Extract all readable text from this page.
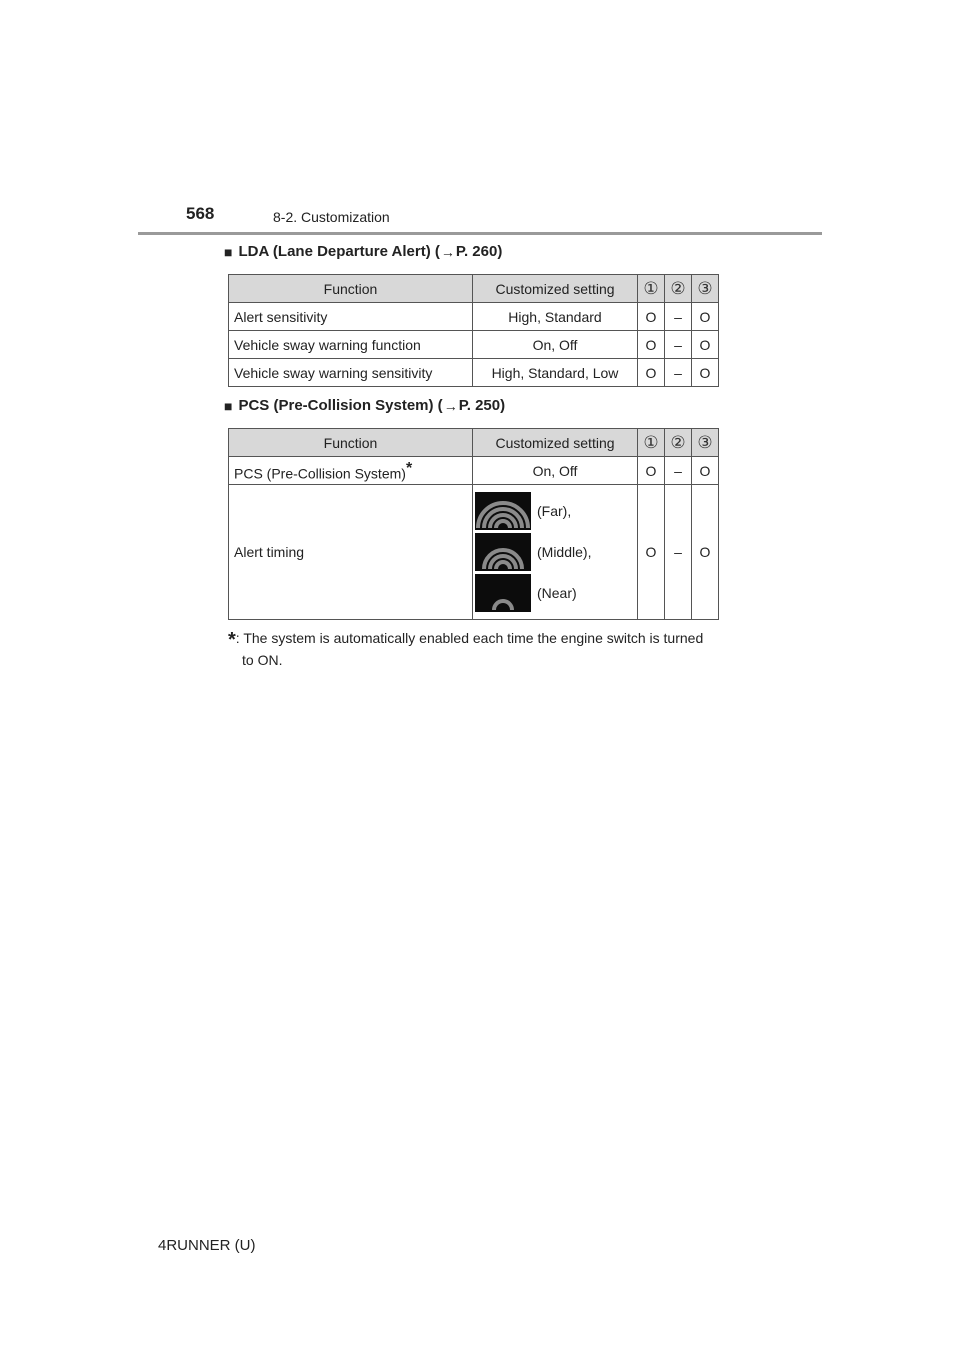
568	8-2. Customization
■ LDA (Lane Departure Alert) ( → P. 260)
Function	Customized setting	①	②	③
Alert sensitivity	High, Standard	O	–	O
Vehicle sway warning function	On, Off	O	–	O
Vehicle sway warning sensitivity	High, Standard, Low	O	–	O
■ PCS (Pre-Collision System) ( → P. 250)
Function	Customized setting	①	②	③
PCS (Pre-Collision System)*	On, Off	O	–	O
Alert timing	(Far),
(Middle),
(Near)	O	–	O
*: The system is automatically enabled each time the engine switch is turned
to ON.
4RUNNER (U)
